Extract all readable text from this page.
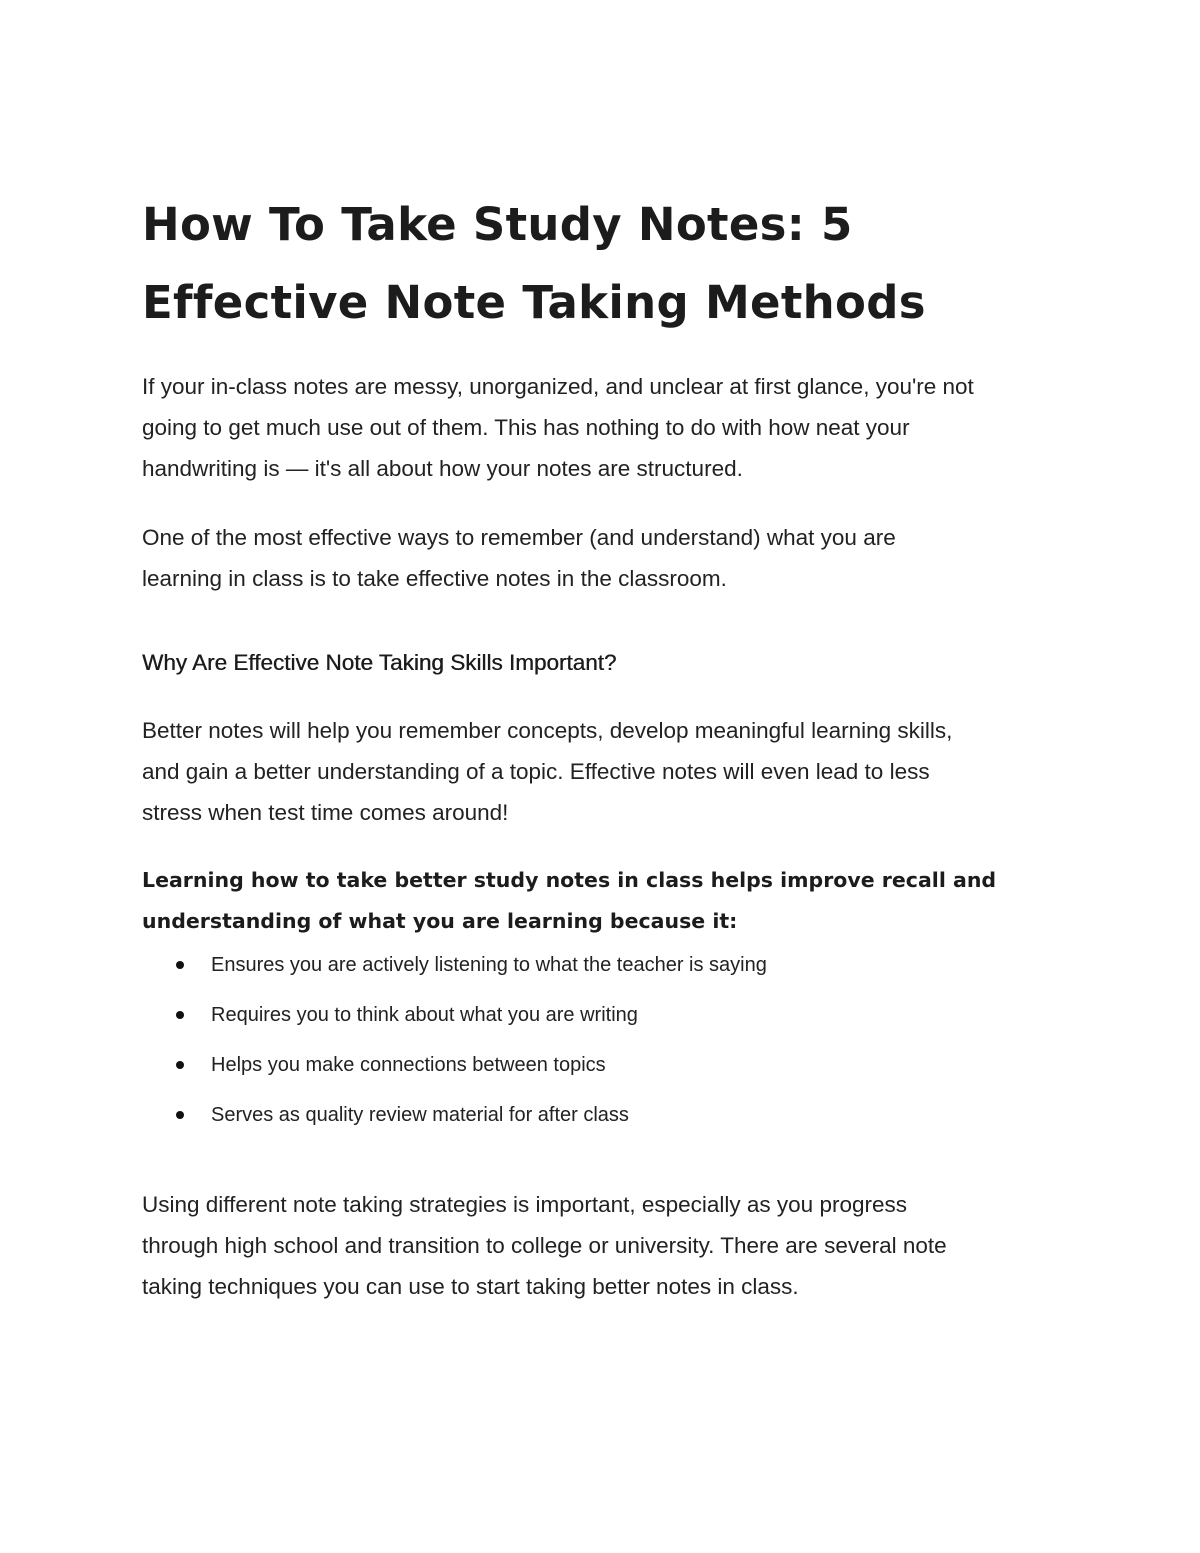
How To Take Study Notes: 5
Effective Note Taking Methods

If your in-class notes are messy, unorganized, and unclear at first glance, you're not
going to get much use out of them. This has nothing to do with how neat your
handwriting is — it's all about how your notes are structured.

One of the most effective ways to remember (and understand) what you are
learning in class is to take effective notes in the classroom.

Why Are Effective Note Taking Skills Important?

Better notes will help you remember concepts, develop meaningful learning skills,
and gain a better understanding of a topic. Effective notes will even lead to less
stress when test time comes around!

Learning how to take better study notes in class helps improve recall and
understanding of what you are learning because it:

Ensures you are actively listening to what the teacher is saying
Requires you to think about what you are writing
Helps you make connections between topics
Serves as quality review material for after class

Using different note taking strategies is important, especially as you progress
through high school and transition to college or university. There are several note
taking techniques you can use to start taking better notes in class.
